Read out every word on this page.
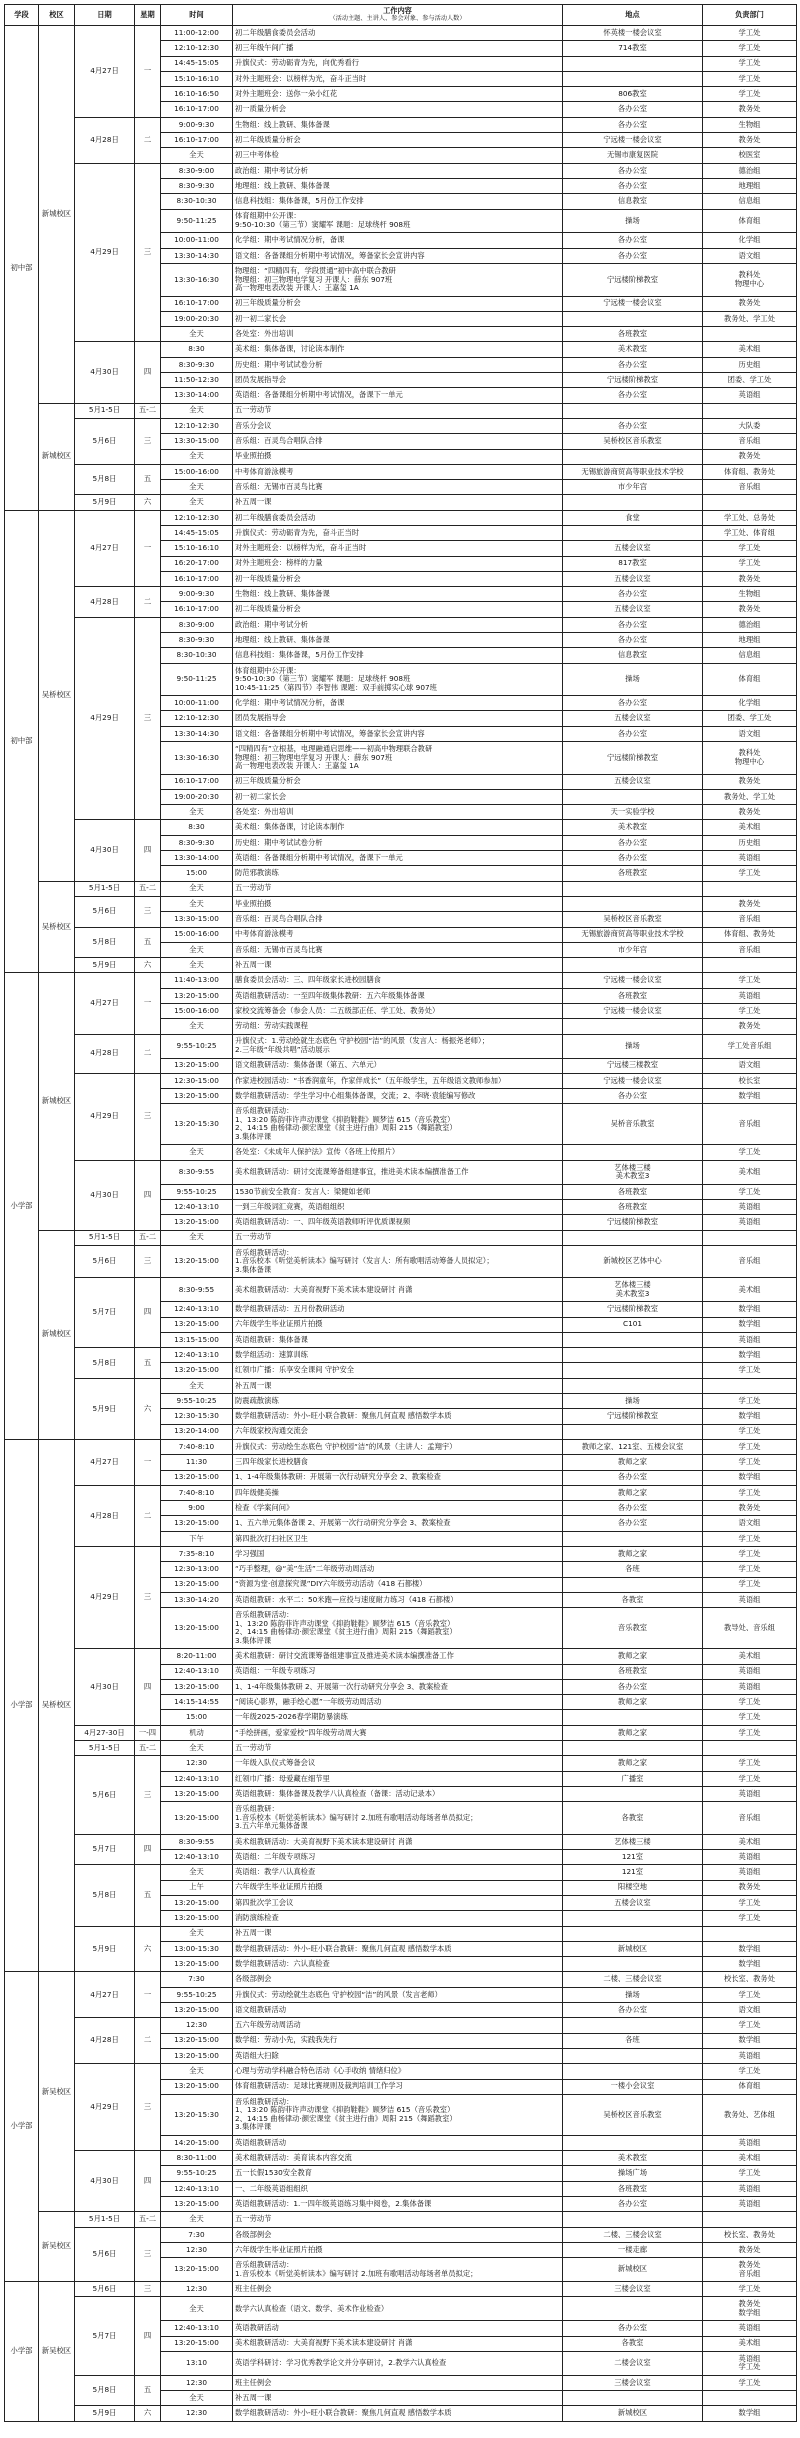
学段	校区	日期	星期	时间	工作内容
（活动主题、主讲人、参会对象、参与活动人数）	地点	负责部门
初中部	新城校区	4月27日	一	11:00-12:00	初二年级膳食委员会活动	怀英楼一楼会议室	学工处
				12:10-12:30	初三年级午间广播	714教室	学工处
				14:45-15:05	升旗仪式：劳动砺青为先，向优秀看行		学工处
				15:10-16:10	对外主题班会：以榜样为光，奋斗正当时		学工处
				16:10-16:50	对外主题班会：送你一朵小红花	806教室	学工处
				16:10-17:00	初一质量分析会	各办公室	教务处
		4月28日	二	9:00-9:30	生物组：线上教研、集体备课	各办公室	生物组
				16:10-17:00	初二年级质量分析会	宁远楼一楼会议室	教务处
				全天	初三中考体检	无锡市康复医院	校医室
		4月29日	三	8:30-9:00	政治组：期中考试分析	各办公室	德治组
				8:30-9:30	地理组：线上教研、集体备课	各办公室	地理组
				8:30-10:30	信息科技组：集体备课，5月份工作安排	信息教室	信息组
				9:50-11:25	体育组期中公开课：
9:50-10:30（第三节）窦耀军 课题：足球绕杆 908班	操场	体育组
				10:00-11:00	化学组：期中考试情况分析，备课	各办公室	化学组
				13:30-14:30	语文组：各备课组分析期中考试情况，筹备家长会宣讲内容	各办公室	语文组
				13:30-16:30	物理组：“四精四有，学段贯通”初中高中联合教研
物理组：初三物理电学复习 开课人：薛东 907班
高一物理电表改装 开课人：王嘉玺 1A	宁远楼阶梯教室	教科处
物理中心
				16:10-17:00	初三年级质量分析会	宁远楼一楼会议室	教务处
				19:00-20:30	初一初二家长会		教务处、学工处
				全天	各处室：外出培训	各班教室	
		4月30日	四	8:30	美术组：集体备课，讨论读本制作	美术教室	美术组
				8:30-9:30	历史组：期中考试试卷分析	各办公室	历史组
				11:50-12:30	团员发展指导会	宁远楼阶梯教室	团委、学工处
				13:30-14:00	英语组：各备课组分析期中考试情况，备课下一单元	各办公室	英语组
	新城校区	5月1-5日	五-二	全天	五一劳动节		
		5月6日	三	12:10-12:30	音乐分会议	各办公室	大队委
				13:30-15:00	音乐组：百灵鸟合唱队合排	吴桥校区音乐教室	音乐组
				全天	毕业照拍摄		教务处
		5月8日	五	15:00-16:00	中考体育游泳模考	无锡旅游商贸高等职业技术学校	体育组、教务处
				全天	音乐组：无锡市百灵鸟比赛	市少年宫	音乐组
		5月9日	六	全天	补五周一课		
初中部	吴桥校区	4月27日	一	12:10-12:30	初二年级膳食委员会活动	食堂	学工处、总务处
				14:45-15:05	升旗仪式：劳动砺青为先，奋斗正当时		学工处、体育组
				15:10-16:10	对外主题班会：以榜样为光，奋斗正当时	五楼会议室	学工处
				16:20-17:00	对外主题班会：榜样的力量	817教室	学工处
				16:10-17:00	初一年级质量分析会	五楼会议室	教务处
		4月28日	二	9:00-9:30	生物组：线上教研、集体备课	各办公室	生物组
				16:10-17:00	初二年级质量分析会	五楼会议室	教务处
		4月29日	三	8:30-9:00	政治组：期中考试分析	各办公室	德治组
				8:30-9:30	地理组：线上教研、集体备课	各办公室	地理组
				8:30-10:30	信息科技组：集体备课，5月份工作安排	信息教室	信息组
				9:50-11:25	体育组期中公开课：
9:50-10:30（第三节）窦耀军 课题：足球绕杆 908班
10:45-11:25（第四节）李智伟 课题：双手前掷实心球 907班	操场	体育组
				10:00-11:00	化学组：期中考试情况分析，备课	各办公室	化学组
				12:10-12:30	团员发展指导会	五楼会议室	团委、学工处
				13:30-14:30	语文组：各备课组分析期中考试情况，筹备家长会宣讲内容	各办公室	语文组
				13:30-16:30	“四精四有”立根基，电理融通启思维——初高中物理联合教研
物理组：初三物理电学复习 开课人：薛东 907班
高一物理电表改装 开课人：王嘉玺 1A	宁远楼阶梯教室	教科处
物理中心
				16:10-17:00	初三年级质量分析会	五楼会议室	教务处
				19:00-20:30	初一初二家长会		教务处、学工处
				全天	各处室：外出培训	天一实验学校	教务处
		4月30日	四	8:30	美术组：集体备课，讨论读本制作	美术教室	美术组
				8:30-9:30	历史组：期中考试试卷分析	各办公室	历史组
				13:30-14:00	英语组：各备课组分析期中考试情况，备课下一单元	各办公室	英语组
				15:00	防范邪教演练	各班教室	学工处
	吴桥校区	5月1-5日	五-二	全天	五一劳动节		
		5月6日	三	全天	毕业照拍摄		教务处
				13:30-15:00	音乐组：百灵鸟合唱队合排	吴桥校区音乐教室	音乐组
		5月8日	五	15:00-16:00	中考体育游泳模考	无锡旅游商贸高等职业技术学校	体育组、教务处
				全天	音乐组：无锡市百灵鸟比赛	市少年宫	音乐组
		5月9日	六	全天	补五周一课		
小学部	新城校区	4月27日	一	11:40-13:00	膳食委员会活动：三、四年级家长进校园膳食	宁远楼一楼会议室	学工处
				13:20-15:00	英语组教研活动：一至四年级集体教研：五六年级集体备课	各班教室	英语组
				15:00-16:00	家校交流筹备会（参会人员：二五级部正任、学工处、教务处）	宁远楼一楼会议室	学工处
				全天	劳动组：劳动实践课程		教务处
		4月28日	二	9:55-10:25	升旗仪式：1.劳动绘就生态底色 守护校园“洁”的风景（发言人：杨振尧老师）；
2.三年级“年级共唱”活动展示	操场	学工处音乐组
				13:20-15:00	语文组教研活动：集体备课（第五、六单元）	宁远楼三楼教室	语文组
		4月29日	三	12:30-15:00	作家进校园活动：“书香润童年，作家伴成长”（五年级学生，五年级语文教师参加）	宁远楼一楼会议室	校长室
				13:20-15:00	数学组教研活动：学生学习中心组集体备课，交流；2、李晓·袁能编写修改	各办公室	数学组
				13:20-15:30	音乐组教研活动：
1、13:20 陈韵菲许声动课堂《抑韵鞋鞋》顾梦洁 615（音乐教室）
2、14:15 曲杨律动·颜宏课堂《贫主进行曲》周阳 215（舞蹈教室）
3.集体评课	吴桥音乐教室	音乐组
				全天	各处室：《未成年人保护法》宣传（各班上传照片）		学工处
		4月30日	四	8:30-9:55	美术组教研活动：研讨交流课筹备组建事宜，推进美术读本编撰准备工作	艺体楼三楼
美术教室3	美术组
				9:55-10:25	1530节前安全教育：发言人：梁健如老师	各班教室	学工处
				12:40-13:10	一到三年级词汇竞赛，英语组组织	各班教室	英语组
				13:20-15:00	英语组教研活动：一、四年级英语教师听评优质课视频	宁远楼阶梯教室	英语组
	新城校区	5月1-5日	五-二	全天	五一劳动节		
		5月6日	三	13:20-15:00	音乐组教研活动：
1.音乐校本《听觉美析读本》编写研讨（发言人：所有歌唱活动筹备人员拟定）；
3.集体备课	新城校区艺体中心	音乐组
		5月7日	四	8:30-9:55	美术组教研活动：大美育视野下美术读本建设研讨 肖潇	艺体楼三楼
美术教室3	美术组
				12:40-13:10	数学组教研活动：五月份教研活动	宁远楼阶梯教室	数学组
				13:20-15:00	六年级学生毕业证照片拍摄	C101	数学组
				13:15-15:00	英语组教研：集体备课		英语组
		5月8日	五	12:40-13:10	数学组活动：速算训练		数学组
				13:20-15:00	红领巾广播：乐享安全课间 守护安全		学工处
		5月9日	六	全天	补五周一课		
				9:55-10:25	防震疏散演练	操场	学工处
				12:30-15:30	数学组教研活动：外小-旺小联合教研：聚焦几何直观 感悟数学本质	宁远楼阶梯教室	数学组
				13:20-14:00	六年级家校沟通交流会		学工处
小学部	吴桥校区	4月27日	一	7:40-8:10	升旗仪式：劳动绘生态底色 守护校园“洁”的风景（主讲人：孟翔宇）	教师之家、121室、五楼会议室	学工处
				11:30	三四年级家长进校膳食	教师之家	学工处
				13:20-15:00	1、1-4年级集体教研：开展第一次行动研究分享会 2、教案检查	各办公室	数学组
		4月28日	二	7:40-8:10	四年级健美操	教师之家	学工处
				9:00	检查《学案问问》	各办公室	教务处
				13:20-15:00	1、五六单元集体备课 2、开展第一次行动研究分享会 3、教案检查	各办公室	语文组
				下午	第四批次打扫社区卫生		学工处
		4月29日	三	7:35-8:10	学习强国	教师之家	学工处
				12:30-13:00	“巧手整理，@“美”生活”二年级劳动周活动	各班	学工处
				13:20-15:00	“资源为堂·创意探究课”DIY六年级劳动活动（418 石都楼）		学工处
				13:30-14:20	英语组教研：水平二：50米跑—应投与速度耐力练习（418 石都楼）	各教室	英语组
				13:20-15:00	音乐组教研活动：
1、13:20 陈韵菲许声动课堂《抑韵鞋鞋》顾梦洁 615（音乐教室）
2、14:15 曲杨律动·颜宏课堂《贫主进行曲》周阳 215（舞蹈教室）
3.集体评课	音乐教室	教导处、音乐组
		4月30日	四	8:20-11:00	美术组教研：研讨交流课筹备组建事宜及推进美术读本编撰准备工作	教师之家	美术组
				12:40-13:10	英语组：一年级专项练习	各班教室	英语组
				13:20-15:00	1、1-4年级集体教研 2、开展第一次行动研究分享会 3、教案检查	各办公室	英语组
				14:15-14:55	“阅读心影界，融手绘心愿”一年级劳动周活动	教师之家	学工处
				15:00	一年级2025-2026春学期防暴演练		学工处
		4月27-30日	一-四	机动	“手绘拼画，爱家爱校”四年级劳动周大赛	教师之家	学工处
		5月1-5日	五-二	全天	五一劳动节		
		5月6日	三	12:30	一年级入队仪式筹备会议	教师之家	学工处
				12:40-13:10	红领巾广播：母爱藏在细节里	广播室	学工处
				13:20-15:00	英语组教研：集体备课及教学八认真检查（备课：活动记录本）		英语组
				13:20-15:00	音乐组教研：
1.音乐校本《听觉美析读本》编写研讨 2.加班有歌唱活动每场者单员拟定；
3.五六年单元集体备课	各教室	音乐组
		5月7日	四	8:30-9:55	美术组教研活动：大美育视野下美术读本建设研讨 肖潇	艺体楼三楼	美术组
				12:40-13:10	英语组：二年级专项练习	121室	英语组
		5月8日	五	全天	英语组：教学八认真检查	121室	英语组
				上午	六年级学生毕业证照片拍摄	阳楼空地	教务处
				13:20-15:00	第四批次学工会议	五楼会议室	学工处
				13:20-15:00	消防演练检查		学工处
		5月9日	六	全天	补五周一课		
				13:00-15:30	数学组教研活动：外小-旺小联合教研：聚焦几何直观 感悟数学本质	新城校区	数学组
				13:20-15:00	数学组教研活动：六认真检查		数学组
小学部	新吴校区	4月27日	一	7:30	各级部例会	二楼、三楼会议室	校长室、教务处
				9:55-10:25	升旗仪式：劳动绘就生态底色 守护校园“洁”的风景（发言老师）	操场	学工处
				13:20-15:00	语文组教研活动	各办公室	语文组
		4月28日	二	12:30	五六年级劳动周活动		学工处
				13:20-15:00	数学组：劳动小先，实践我先行	各班	数学组
				13:20-15:00	英语组大扫除		英语组
		4月29日	三	全天	心理与劳动学科融合特色活动《心手收纳 情绪归位》		学工处
				13:20-15:00	体育组教研活动：足球比赛规则及裁判培训工作学习	一楼小会议室	体育组
				13:20-15:30	音乐组教研活动：
1、13:20 陈韵菲许声动课堂《抑韵鞋鞋》顾梦洁 615（音乐教室）
2、14:15 曲杨律动·颜宏课堂《贫主进行曲》周阳 215（舞蹈教室）
3.集体评课	吴桥校区音乐教室	教务处、艺体组
				14:20-15:00	英语组教研活动		英语组
		4月30日	四	8:30-11:00	美术组教研活动：美育读本内容交流	美术教室	美术组
				9:55-10:25	五一长假1530安全教育	操场广场	学工处
				12:40-13:10	一、二年级英语组组织	各班教室	英语组
				13:20-15:00	英语组教研活动：1.一四年级英语练习集中阅卷，2.集体备课	各办公室	英语组
	新吴校区	5月1-5日	五-二	全天	五一劳动节		
		5月6日	三	7:30	各级部例会	二楼、三楼会议室	校长室、教务处
				12:30	六年级学生毕业证照片拍摄	一楼走廊	教务处
				13:20-15:00	音乐组教研活动：
1.音乐校本《听觉美析读本》编写研讨 2.加班有歌唱活动每场者单员拟定；	新城校区	教务处
音乐组
小学部	新吴校区	5月6日	三	12:30	班主任例会	三楼会议室	学工处
		5月7日	四	全天	数学六认真检查（语文、数学、美术作业检查）		教务处
数学组
				12:40-13:10	英语教研活动	各办公室	英语组
				13:20-15:00	美术组教研活动：大美育视野下美术读本建设研讨 肖潇	各教室	美术组
				13:10	英语学科研讨：学习优秀教学论文并分享研讨，2.教学六认真检查	二楼会议室	英语组
学工处
		5月8日	五	12:30	班主任例会	三楼会议室	学工处
				全天	补五周一课		
		5月9日	六	12:30	数学组教研活动：外小-旺小联合教研：聚焦几何直观 感悟数学本质	新城校区	数学组
